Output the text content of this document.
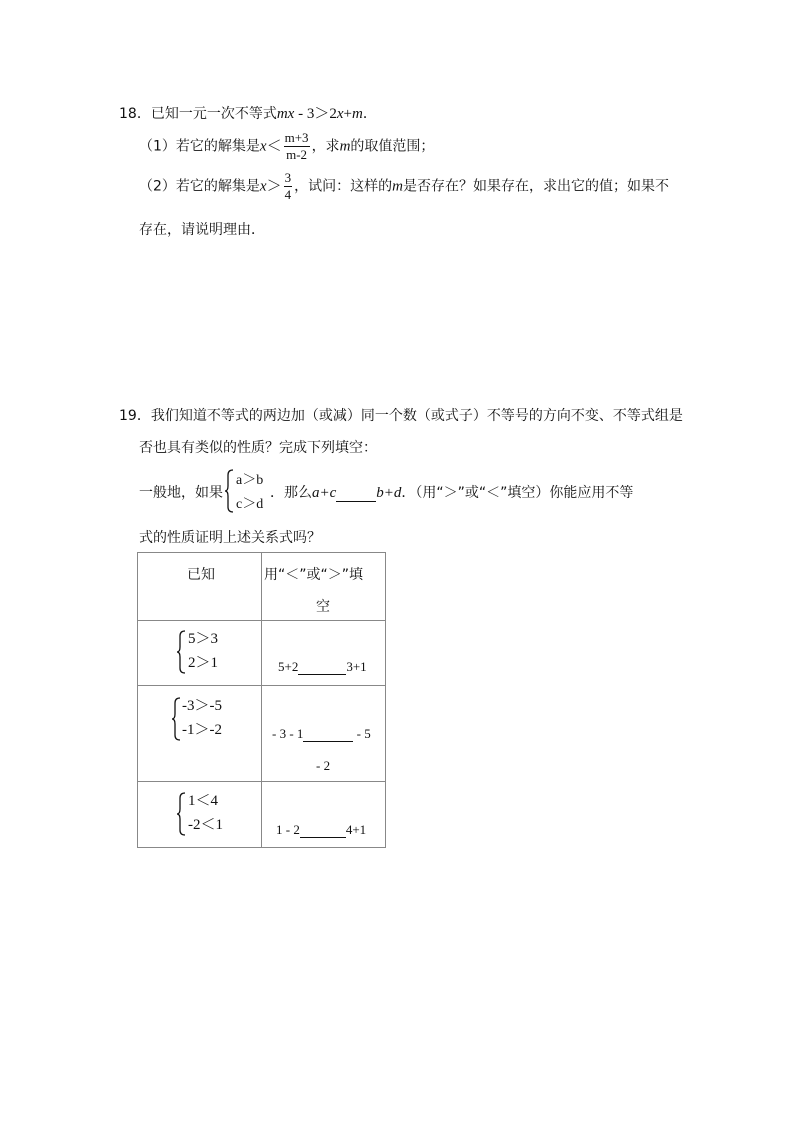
18．已知一元一次不等式mx - 3＞2x+m．
（1）若它的解集是$x< \frac{m+3}{m-2}$ ，求m的取值范围；
（2）若它的解集是$x> \frac{3}{4}$ ，试问：这样的m是否存在？如果存在，求出它的值；如果不
存在，请说明理由．
19．我们知道不等式的两边加（或减）同一个数（或式子）不等号的方向不变、不等式组是
否也具有类似的性质？完成下列填空：
一般地，如果
a＞b
c＞d
．那么a+c	b+d．（用“＞”或“＜”填空）你能应用不等
式的性质证明上述关系式吗？
已知	用“＜”或“＞”填
空

5＞3
2＞1	5+2 3+1

-3＞-5
-1＞-2	- 3 - 1 - 5
- 2

1＜4
-2＜1	1 - 2 4+1
